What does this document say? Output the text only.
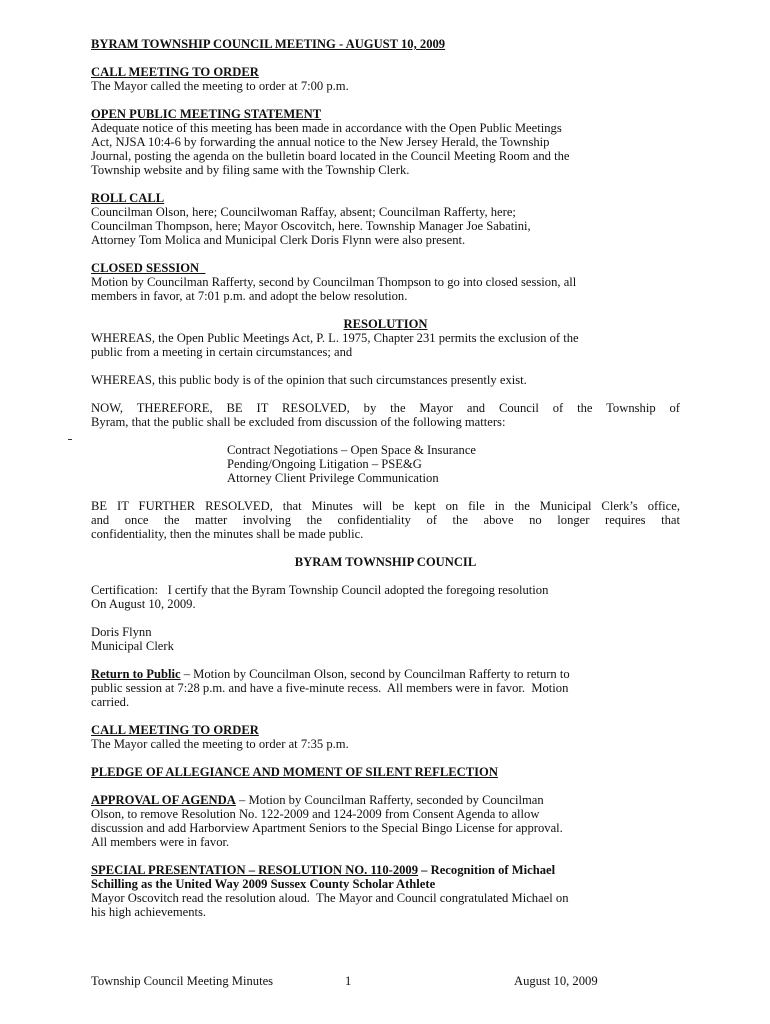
BYRAM TOWNSHIP COUNCIL MEETING - AUGUST 10, 2009
CALL MEETING TO ORDER
The Mayor called the meeting to order at 7:00 p.m.
OPEN PUBLIC MEETING STATEMENT
Adequate notice of this meeting has been made in accordance with the Open Public Meetings
Act, NJSA 10:4-6 by forwarding the annual notice to the New Jersey Herald, the Township
Journal, posting the agenda on the bulletin board located in the Council Meeting Room and the
Township website and by filing same with the Township Clerk.
ROLL CALL
Councilman Olson, here; Councilwoman Raffay, absent; Councilman Rafferty, here;
Councilman Thompson, here; Mayor Oscovitch, here. Township Manager Joe Sabatini,
Attorney Tom Molica and Municipal Clerk Doris Flynn were also present.
CLOSED SESSION
Motion by Councilman Rafferty, second by Councilman Thompson to go into closed session, all
members in favor, at 7:01 p.m. and adopt the below resolution.
RESOLUTION
WHEREAS, the Open Public Meetings Act, P. L. 1975, Chapter 231 permits the exclusion of the
public from a meeting in certain circumstances; and
WHEREAS, this public body is of the opinion that such circumstances presently exist.
NOW, THEREFORE, BE IT RESOLVED, by the Mayor and Council of the Township of
Byram, that the public shall be excluded from discussion of the following matters:
Contract Negotiations – Open Space & Insurance
Pending/Ongoing Litigation – PSE&G
Attorney Client Privilege Communication
BE IT FURTHER RESOLVED, that Minutes will be kept on file in the Municipal Clerk’s office,
and once the matter involving the confidentiality of the above no longer requires that
confidentiality, then the minutes shall be made public.
BYRAM TOWNSHIP COUNCIL
Certification:   I certify that the Byram Township Council adopted the foregoing resolution
On August 10, 2009.
Doris Flynn
Municipal Clerk
Return to Public – Motion by Councilman Olson, second by Councilman Rafferty to return to
public session at 7:28 p.m. and have a five-minute recess.  All members were in favor.  Motion
carried.
CALL MEETING TO ORDER
The Mayor called the meeting to order at 7:35 p.m.
PLEDGE OF ALLEGIANCE AND MOMENT OF SILENT REFLECTION
APPROVAL OF AGENDA – Motion by Councilman Rafferty, seconded by Councilman
Olson, to remove Resolution No. 122-2009 and 124-2009 from Consent Agenda to allow
discussion and add Harborview Apartment Seniors to the Special Bingo License for approval.
All members were in favor.
SPECIAL PRESENTATION – RESOLUTION NO. 110-2009 – Recognition of Michael
Schilling as the United Way 2009 Sussex County Scholar Athlete
Mayor Oscovitch read the resolution aloud.  The Mayor and Council congratulated Michael on
his high achievements.
Township Council Meeting Minutes	1	August 10, 2009
